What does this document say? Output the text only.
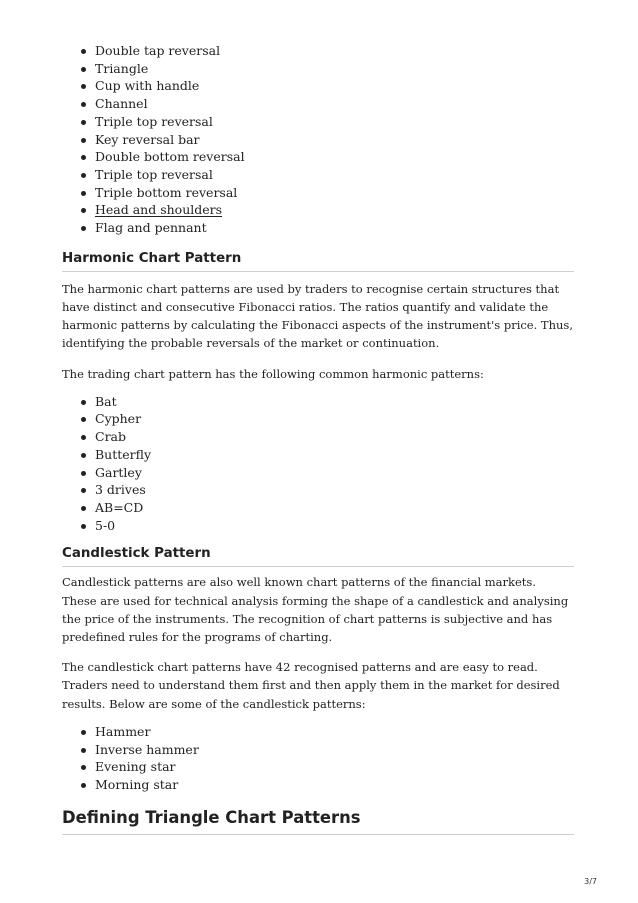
Double tap reversal
Triangle
Cup with handle
Channel
Triple top reversal
Key reversal bar
Double bottom reversal
Triple top reversal
Triple bottom reversal
Head and shoulders
Flag and pennant
Harmonic Chart Pattern

The harmonic chart patterns are used by traders to recognise certain structures that have distinct and consecutive Fibonacci ratios. The ratios quantify and validate the harmonic patterns by calculating the Fibonacci aspects of the instrument's price. Thus, identifying the probable reversals of the market or continuation.

The trading chart pattern has the following common harmonic patterns:

Bat
Cypher
Crab
Butterfly
Gartley
3 drives
AB=CD
5-0
Candlestick Pattern

Candlestick patterns are also well known chart patterns of the financial markets. These are used for technical analysis forming the shape of a candlestick and analysing the price of the instruments. The recognition of chart patterns is subjective and has predefined rules for the programs of charting.

The candlestick chart patterns have 42 recognised patterns and are easy to read. Traders need to understand them first and then apply them in the market for desired results. Below are some of the candlestick patterns:

Hammer
Inverse hammer
Evening star
Morning star
Defining Triangle Chart Patterns
3/7
